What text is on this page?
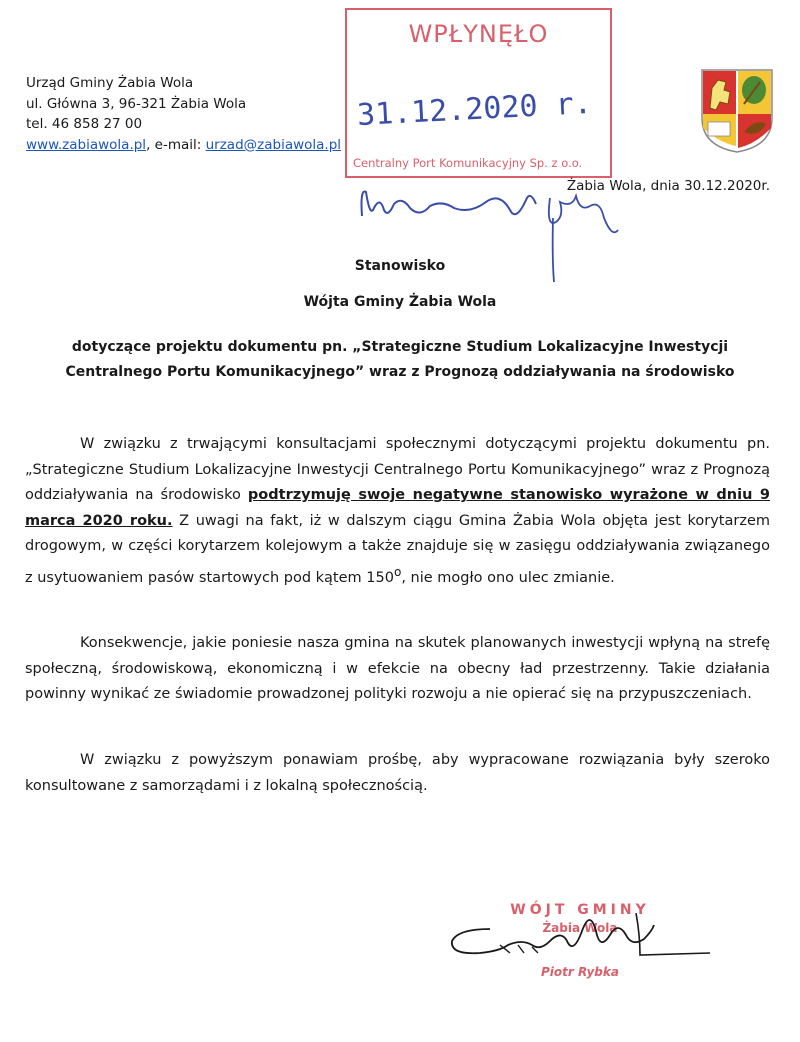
Urząd Gminy Żabia Wola
ul. Główna 3, 96-321 Żabia Wola
tel. 46 858 27 00
www.zabiawola.pl, e-mail: urzad@zabiawola.pl
WPŁYNĘŁO
31.12.2020 r.
Centralny Port Komunikacyjny Sp. z o.o.
Żabia Wola, dnia 30.12.2020r.
Stanowisko
Wójta Gminy Żabia Wola
dotyczące projektu dokumentu pn. „Strategiczne Studium Lokalizacyjne Inwestycji
Centralnego Portu Komunikacyjnego” wraz z Prognozą oddziaływania na środowisko
W związku z trwającymi konsultacjami społecznymi dotyczącymi projektu dokumentu pn. „Strategiczne Studium Lokalizacyjne Inwestycji Centralnego Portu Komunikacyjnego” wraz z Prognozą oddziaływania na środowisko podtrzymuję swoje negatywne stanowisko wyrażone w dniu 9 marca 2020 roku. Z uwagi na fakt, iż w dalszym ciągu Gmina Żabia Wola objęta jest korytarzem drogowym, w części korytarzem kolejowym a także znajduje się w zasięgu oddziaływania związanego z usytuowaniem pasów startowych pod kątem 150$^o$, nie mogło ono ulec zmianie.
Konsekwencje, jakie poniesie nasza gmina na skutek planowanych inwestycji wpłyną na strefę społeczną, środowiskową, ekonomiczną i w efekcie na obecny ład przestrzenny. Takie działania powinny wynikać ze świadomie prowadzonej polityki rozwoju a nie opierać się na przypuszczeniach.
W związku z powyższym ponawiam prośbę, aby wypracowane rozwiązania były szeroko konsultowane z samorządami i z lokalną społecznością.
WÓJT GMINY
Żabia Wola
Piotr Rybka
